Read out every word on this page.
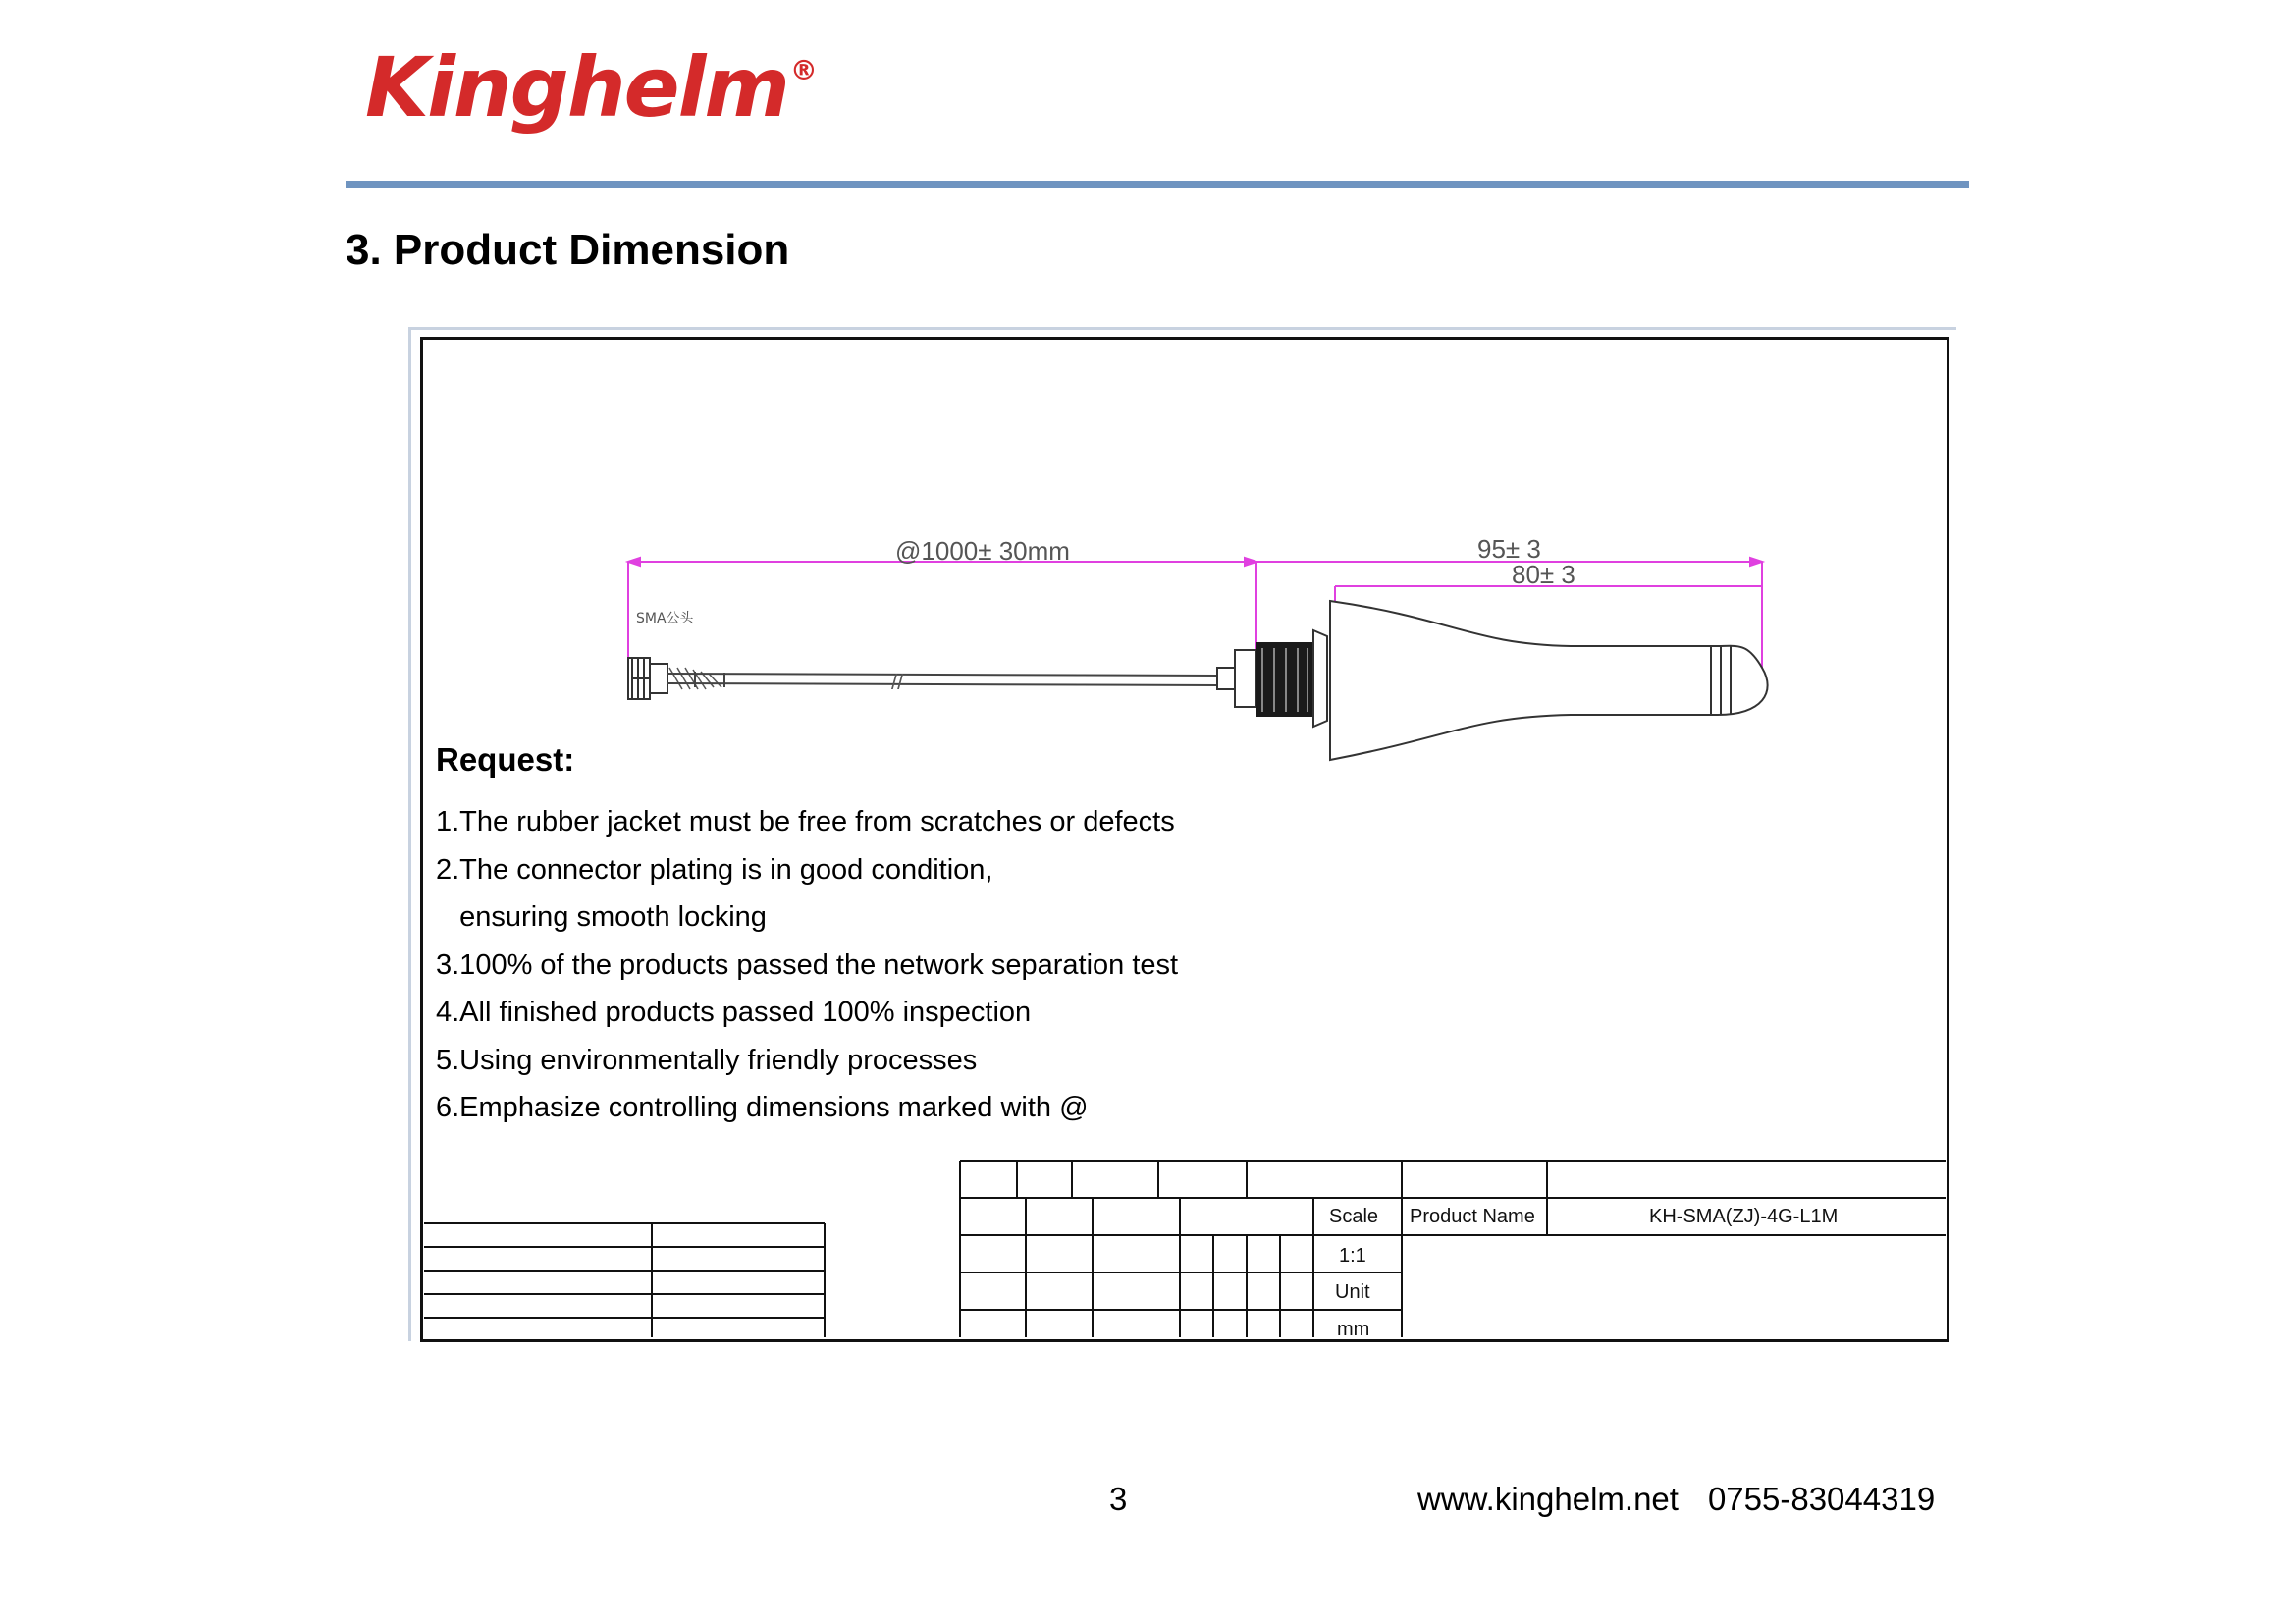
Kinghelm®
3. Product Dimension
@1000± 30mm	95± 3
80± 3
SMA公头
//
Request:
1.The rubber jacket must be free from scratches or defects
2.The connector plating is in good condition,
ensuring smooth locking
3.100% of the products passed the network separation test
4.All finished products passed 100% inspection
5.Using environmentally friendly processes
6.Emphasize controlling dimensions marked with @
Scale
1:1
Unit
mm
Product Name	KH-SMA(ZJ)-4G-L1M
3	www.kinghelm.net 0755-83044319
